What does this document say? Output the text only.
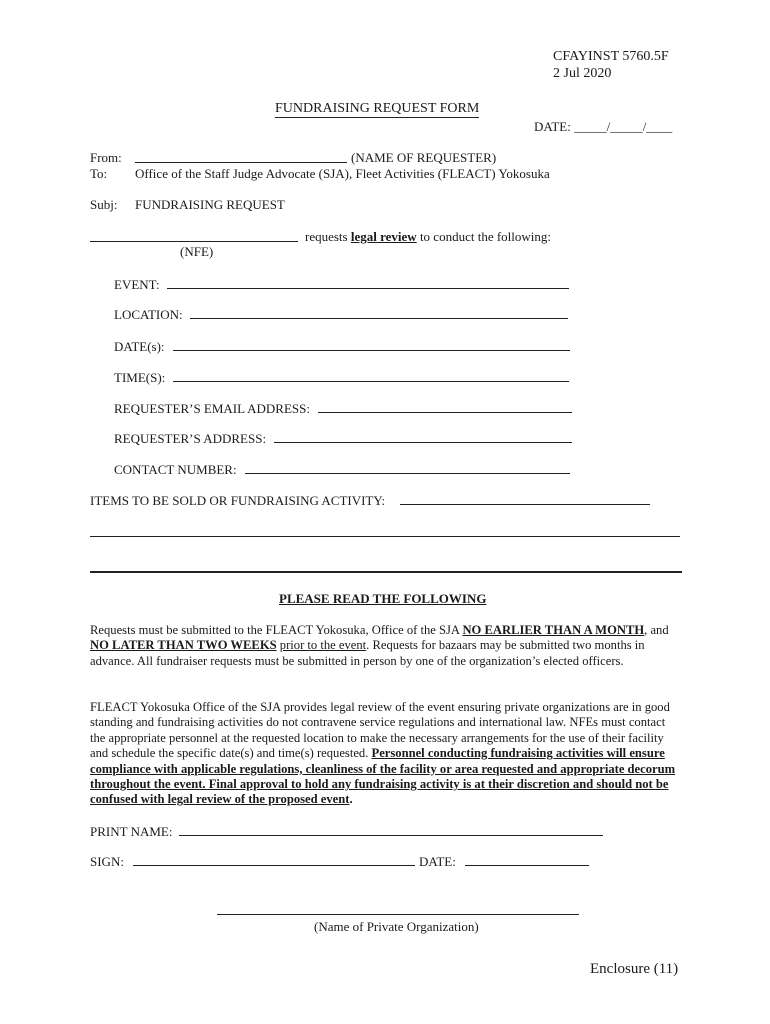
CFAYINST 5760.5F
2 Jul 2020
FUNDRAISING REQUEST FORM
DATE: _____/_____/____
From:	(NAME OF REQUESTER)
To: Office of the Staff Judge Advocate (SJA), Fleet Activities (FLEACT) Yokosuka
Subj: FUNDRAISING REQUEST
requests legal review to conduct the following:
(NFE)
EVENT:
LOCATION:
DATE(s):
TIME(S):
REQUESTER’S EMAIL ADDRESS:
REQUESTER’S ADDRESS:
CONTACT NUMBER:
ITEMS TO BE SOLD OR FUNDRAISING ACTIVITY:
PLEASE READ THE FOLLOWING
Requests must be submitted to the FLEACT Yokosuka, Office of the SJA NO EARLIER THAN A MONTH, and NO LATER THAN TWO WEEKS prior to the event. Requests for bazaars may be submitted two months in advance. All fundraiser requests must be submitted in person by one of the organization’s elected officers.
FLEACT Yokosuka Office of the SJA provides legal review of the event ensuring private organizations are in good standing and fundraising activities do not contravene service regulations and international law. NFEs must contact the appropriate personnel at the requested location to make the necessary arrangements for the use of their facility and schedule the specific date(s) and time(s) requested. Personnel conducting fundraising activities will ensure compliance with applicable regulations, cleanliness of the facility or area requested and appropriate decorum throughout the event. Final approval to hold any fundraising activity is at their discretion and should not be confused with legal review of the proposed event.
PRINT NAME:
SIGN:	DATE:
(Name of Private Organization)
Enclosure (11)
